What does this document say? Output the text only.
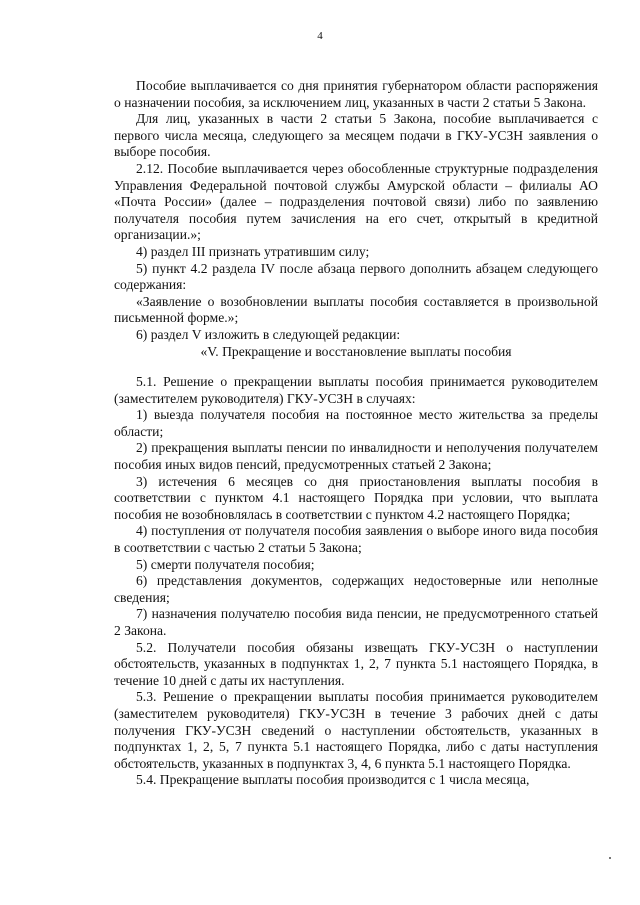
4

Пособие выплачивается со дня принятия губернатором области распоряжения о назначении пособия, за исключением лиц, указанных в части 2 статьи 5 Закона.

Для лиц, указанных в части 2 статьи 5 Закона, пособие выплачивается с первого числа месяца, следующего за месяцем подачи в ГКУ-УСЗН заявления о выборе пособия.

2.12. Пособие выплачивается через обособленные структурные подразделения Управления Федеральной почтовой службы Амурской области – филиалы АО «Почта России» (далее – подразделения почтовой связи) либо по заявлению получателя пособия путем зачисления на его счет, открытый в кредитной организации.»;

4) раздел III признать утратившим силу;

5) пункт 4.2 раздела IV после абзаца первого дополнить абзацем следующего содержания:

«Заявление о возобновлении выплаты пособия составляется в произвольной письменной форме.»;

6) раздел V изложить в следующей редакции:

«V. Прекращение и восстановление выплаты пособия

5.1. Решение о прекращении выплаты пособия принимается руководителем (заместителем руководителя) ГКУ-УСЗН в случаях:

1) выезда получателя пособия на постоянное место жительства за пределы области;

2) прекращения выплаты пенсии по инвалидности и неполучения получателем пособия иных видов пенсий, предусмотренных статьей 2 Закона;

3) истечения 6 месяцев со дня приостановления выплаты пособия в соответствии с пунктом 4.1 настоящего Порядка при условии, что выплата пособия не возобновлялась в соответствии с пунктом 4.2 настоящего Порядка;

4) поступления от получателя пособия заявления о выборе иного вида пособия в соответствии с частью 2 статьи 5 Закона;

5) смерти получателя пособия;

6) представления документов, содержащих недостоверные или неполные сведения;

7) назначения получателю пособия вида пенсии, не предусмотренного статьей 2 Закона.

5.2. Получатели пособия обязаны извещать ГКУ-УСЗН о наступлении обстоятельств, указанных в подпунктах 1, 2, 7 пункта 5.1 настоящего Порядка, в течение 10 дней с даты их наступления.

5.3. Решение о прекращении выплаты пособия принимается руководителем (заместителем руководителя) ГКУ-УСЗН в течение 3 рабочих дней с даты получения ГКУ-УСЗН сведений о наступлении обстоятельств, указанных в подпунктах 1, 2, 5, 7 пункта 5.1 настоящего Порядка, либо с даты наступления обстоятельств, указанных в подпунктах 3, 4, 6 пункта 5.1 настоящего Порядка.

5.4. Прекращение выплаты пособия производится с 1 числа месяца,
